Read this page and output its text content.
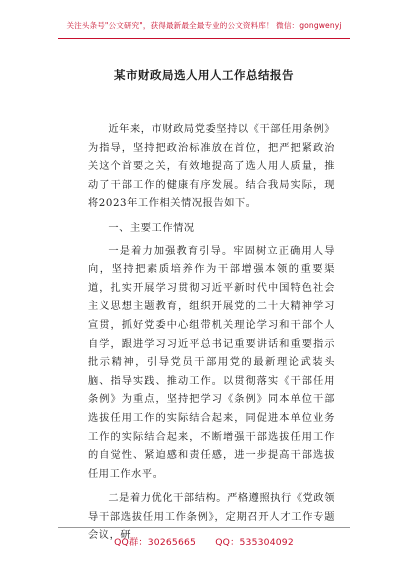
关注头条号"公文研究"，获得最新最全最专业的公文资料库！ 微信：gongwenyj
某市财政局选人用人工作总结报告

近年来，市财政局党委坚持以《干部任用条例》为指导，坚持把政治标准放在首位，把严把紧政治关这个首要之关，有效地提高了选人用人质量，推动了干部工作的健康有序发展。结合我局实际，现将2023年工作相关情况报告如下。

一、主要工作情况

一是着力加强教育引导。牢固树立正确用人导向，坚持把素质培养作为干部增强本领的重要渠道，扎实开展学习贯彻习近平新时代中国特色社会主义思想主题教育，组织开展党的二十大精神学习宣贯，抓好党委中心组带机关理论学习和干部个人自学，跟进学习习近平总书记重要讲话和重要指示批示精神，引导党员干部用党的最新理论武装头脑、指导实践、推动工作。以贯彻落实《干部任用条例》为重点，坚持把学习《条例》同本单位干部选拔任用工作的实际结合起来，同促进本单位业务工作的实际结合起来，不断增强干部选拔任用工作的自觉性、紧迫感和责任感，进一步提高干部选拔任用工作水平。

二是着力优化干部结构。严格遵照执行《党政领导干部选拔任用工作条例》，定期召开人才工作专题会议，研

QQ群：30265665 QQ：535304092
